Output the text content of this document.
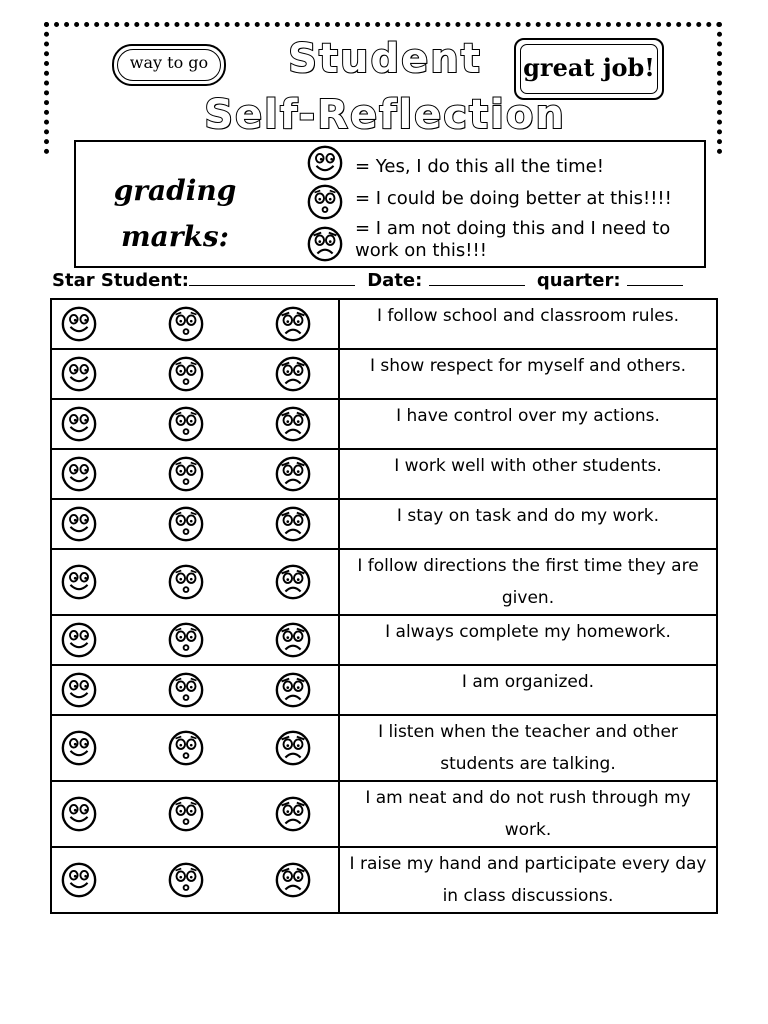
way to go	great job!
Student
Self-Reflection
grading
marks:
= Yes, I do this all the time!
= I could be doing better at this!!!!
= I am not doing this and I need to work on this!!!
Star Student:	Date:	quarter:
	I follow school and classroom rules.

	I show respect for myself and others.

	I have control over my actions.

	I work well with other students.

	I stay on task and do my work.

	I follow directions the first time they are given.

	I always complete my homework.

	I am organized.

	I listen when the teacher and other students are talking.

	I am neat and do not rush through my work.

	I raise my hand and participate every day in class discussions.
